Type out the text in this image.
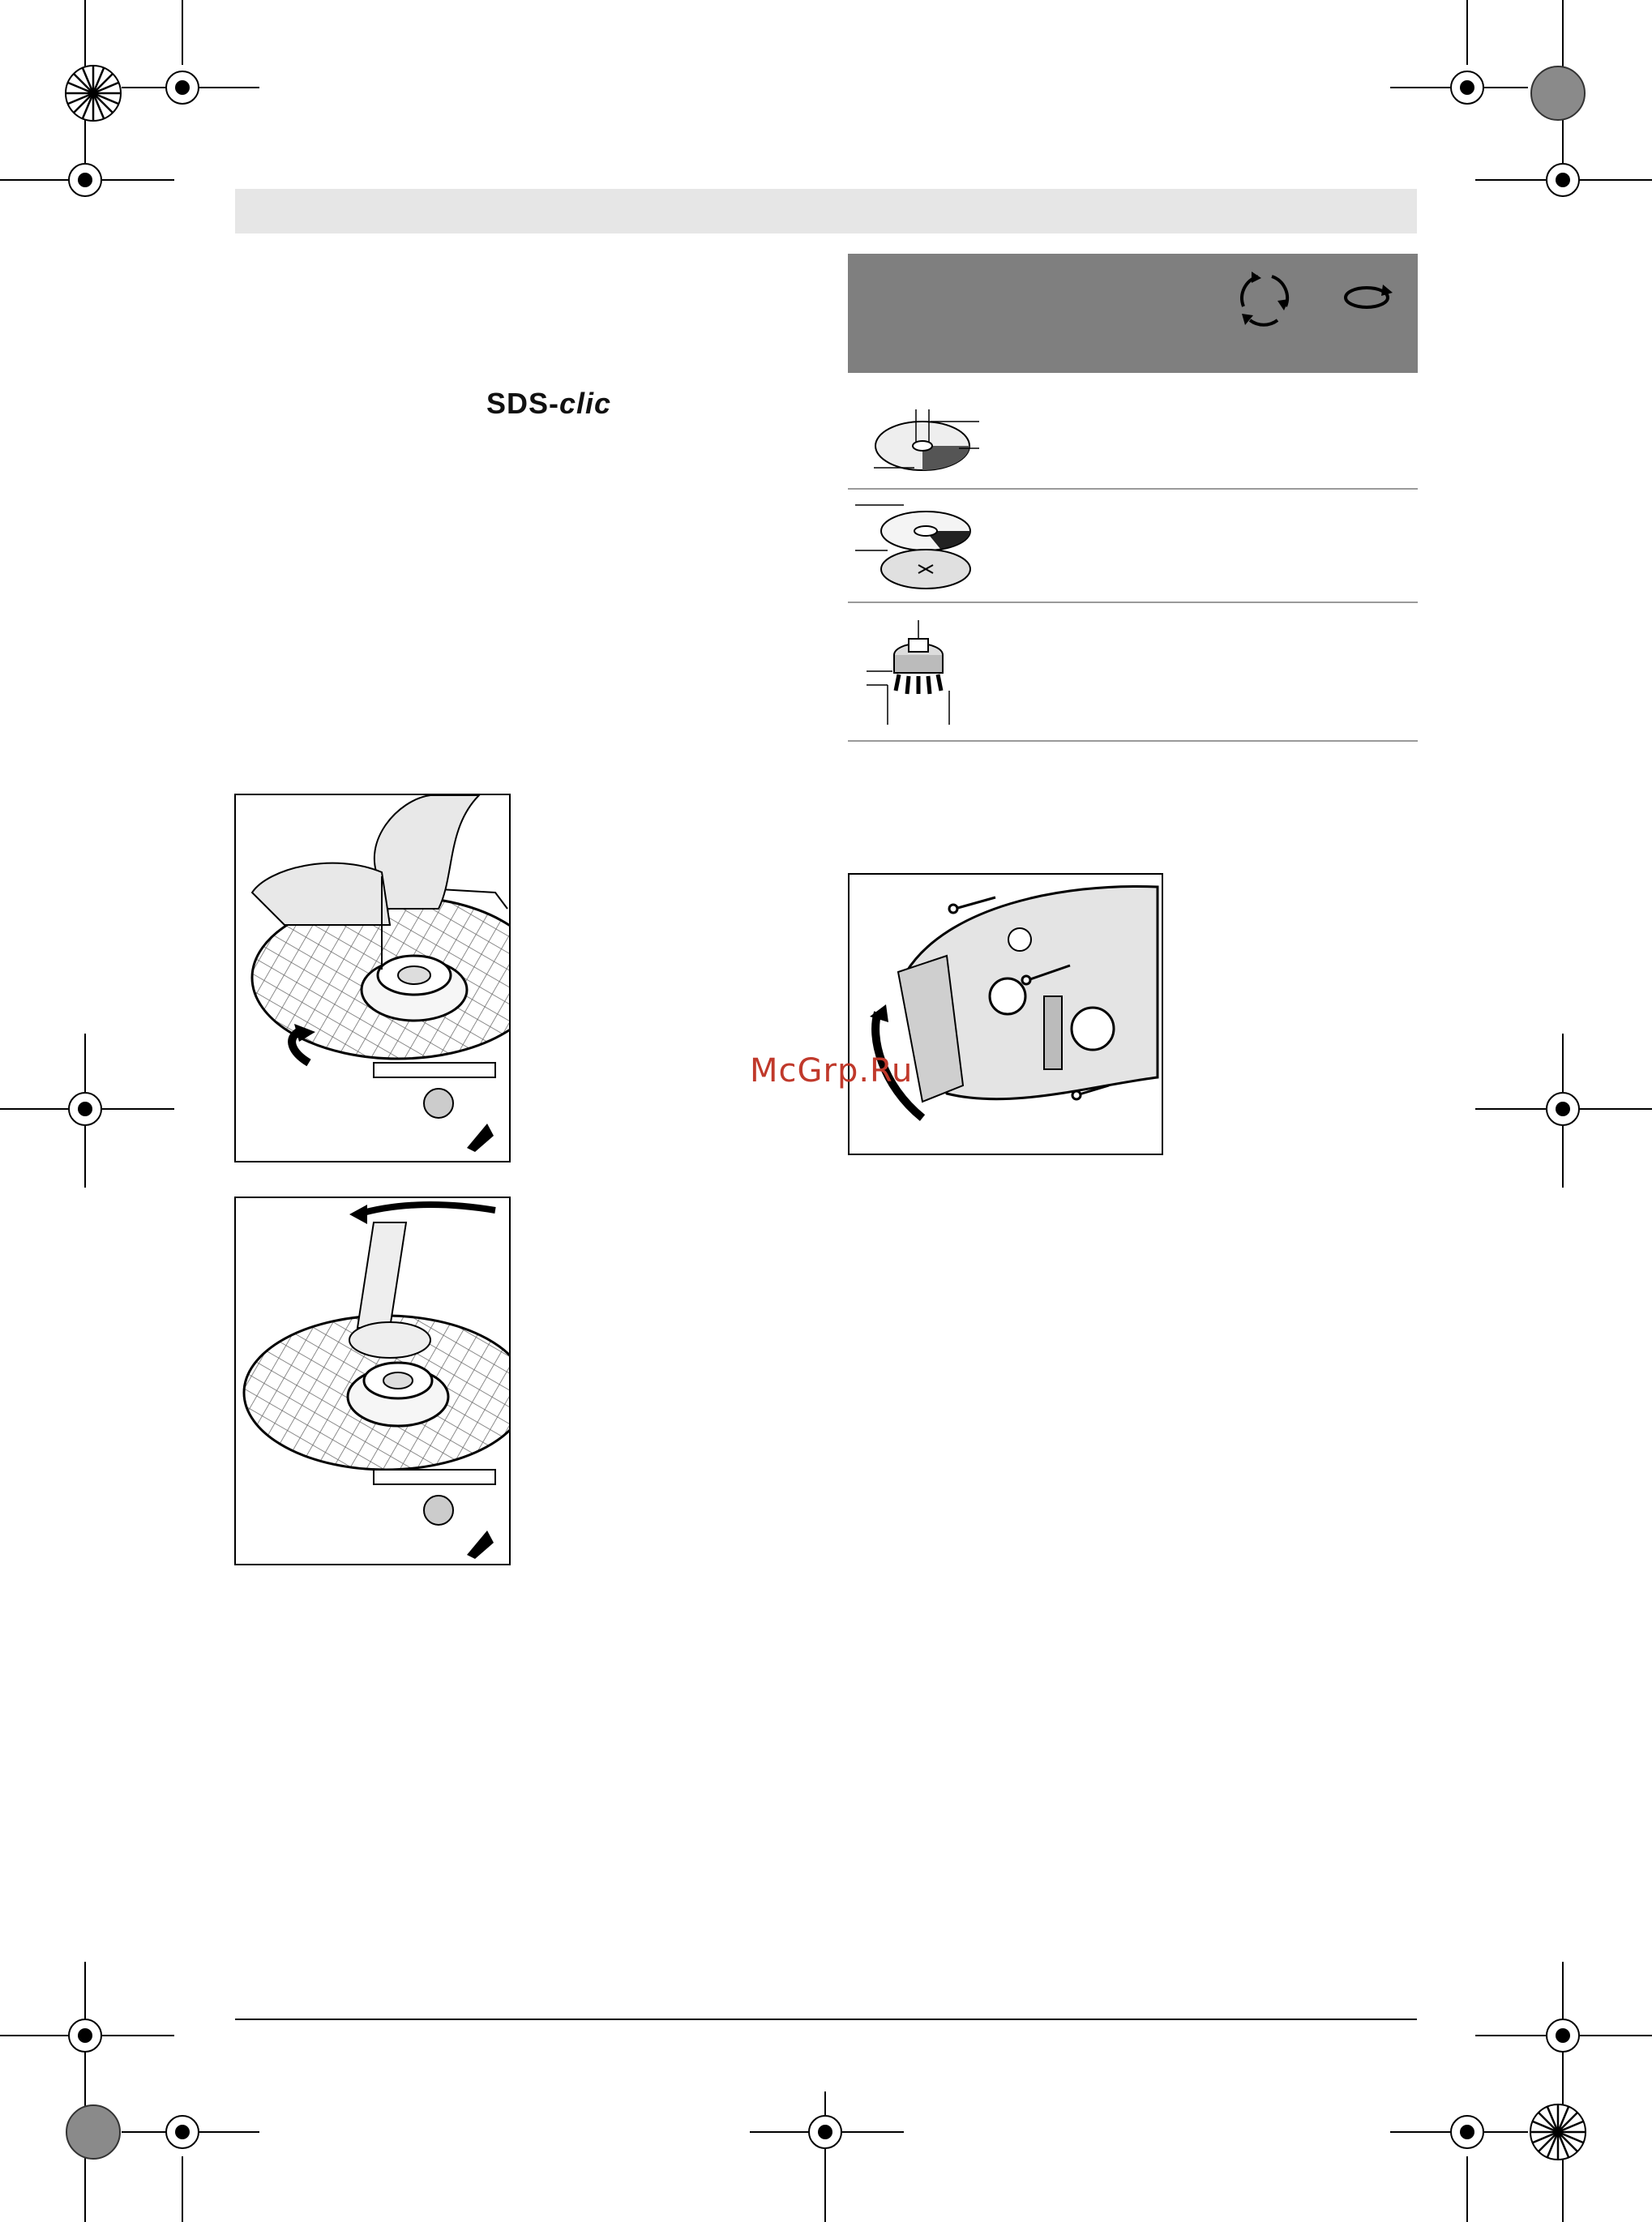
SDS-clic
McGrp.Ru
